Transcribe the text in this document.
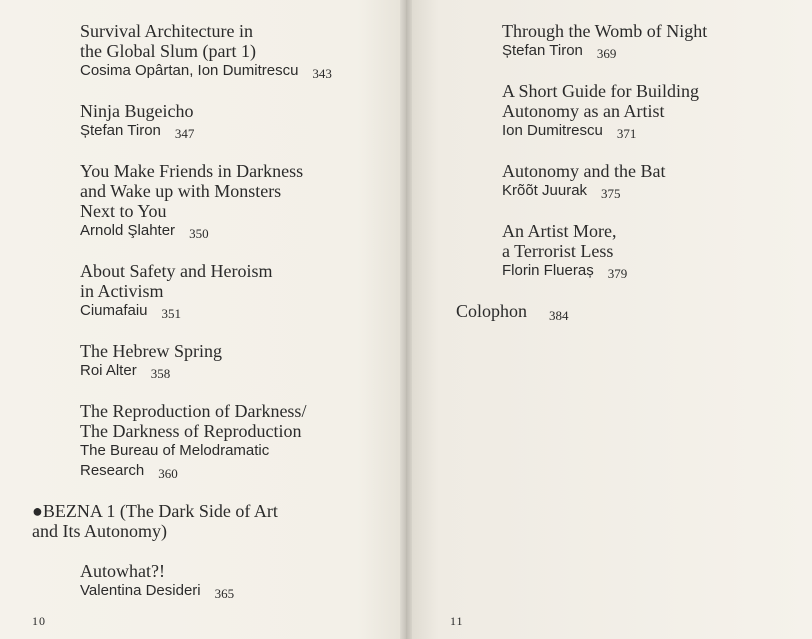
Survival Architecture in
the Global Slum (part 1)
Cosima Opârtan, Ion Dumitrescu 343
Ninja Bugeicho
Ștefan Tiron 347
You Make Friends in Darkness
and Wake up with Monsters
Next to You
Arnold Şlahter 350
About Safety and Heroism
in Activism
Ciumafaiu 351
The Hebrew Spring
Roi Alter 358
The Reproduction of Darkness/
The Darkness of Reproduction
The Bureau of Melodramatic
Research 360
●BEZNA 1 (The Dark Side of Art
and Its Autonomy)
Autowhat?!
Valentina Desideri 365
10
Through the Womb of Night
Ștefan Tiron 369
A Short Guide for Building
Autonomy as an Artist
Ion Dumitrescu 371
Autonomy and the Bat
Krõõt Juurak 375
An Artist More,
a Terrorist Less
Florin Flueraș 379
Colophon 384
11
